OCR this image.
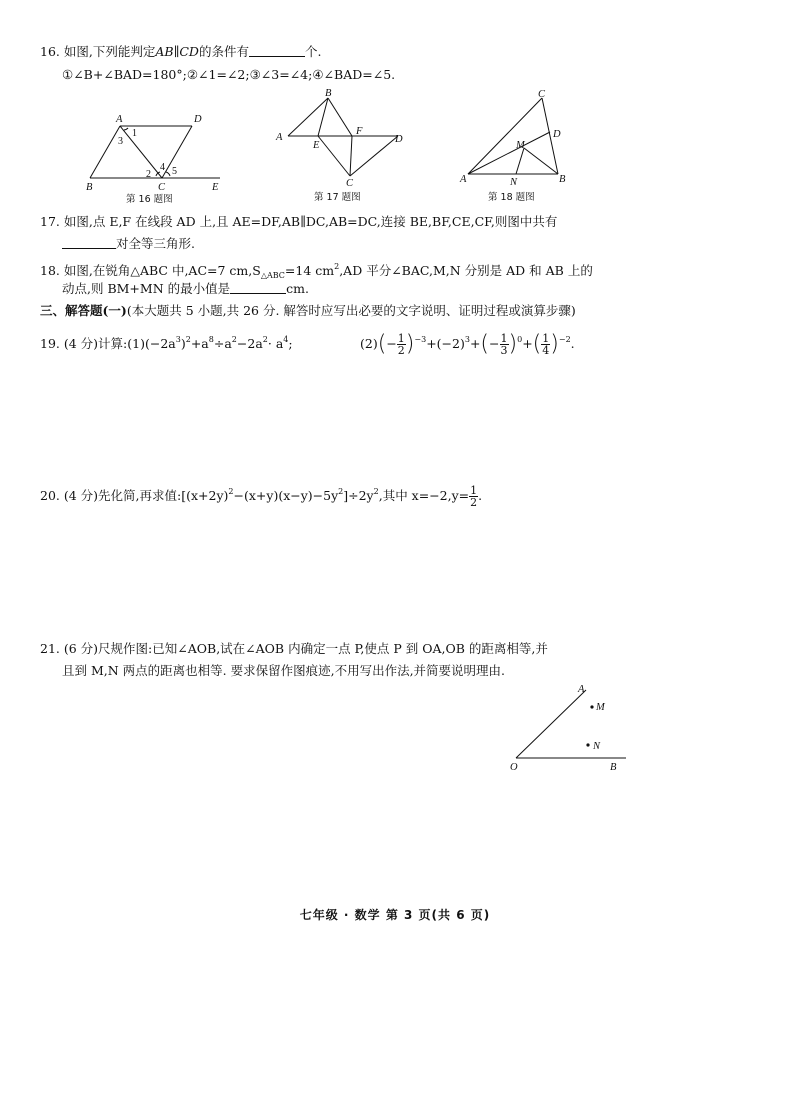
16. 如图,下列能判定AB∥CD的条件有	个.
①∠B+∠BAD=180°;②∠1=∠2;③∠3=∠4;④∠BAD=∠5.
A	D
B	C	E
1
3
2
4 5
第 16 题图
B
A
E
F
D
C
第 17 题图
C
D
M
A	N	B
第 18 题图
17. 如图,点 E,F 在线段 AD 上,且 AE=DF,AB∥DC,AB=DC,连接 BE,BF,CE,CF,则图中共有
对全等三角形.
18. 如图,在锐角△ABC 中,AC=7 $cm,S_{\triangle ABC}=14$ $cm^2,AD$ 平分∠BAC,M,N 分别是 AD 和 AB 上的
动点,则 BM+MN 的最小值是	cm.
三、解答题(一)(本大题共 5 小题,共 26 分. 解答时应写出必要的文字说明、证明过程或演算步骤)
19. (4 分)计算$:(1)(-2a^3)^2+a^8\div a^2-2a^2\cdot a^4$;	$(2)(- \frac{1}{2} )^{-3}+(-2)^3+(- \frac{1}{3} )^0+( \frac{1}{4} )^{-2}$.
20. (4 分)先化简,再求值$:[(x+2y)^2-(x+y)(x-y)-5y^2]\div 2y^2$,其中 $x=-2,y= \frac{1}{2}$ .
21. (6 分)尺规作图:已知∠AOB,试在∠AOB 内确定一点 P,使点 P 到 OA,OB 的距离相等,并
且到 M,N 两点的距离也相等. 要求保留作图痕迹,不用写出作法,并简要说明理由.
A
M
N
O	B
七年级 · 数学 第 3 页(共 6 页)
